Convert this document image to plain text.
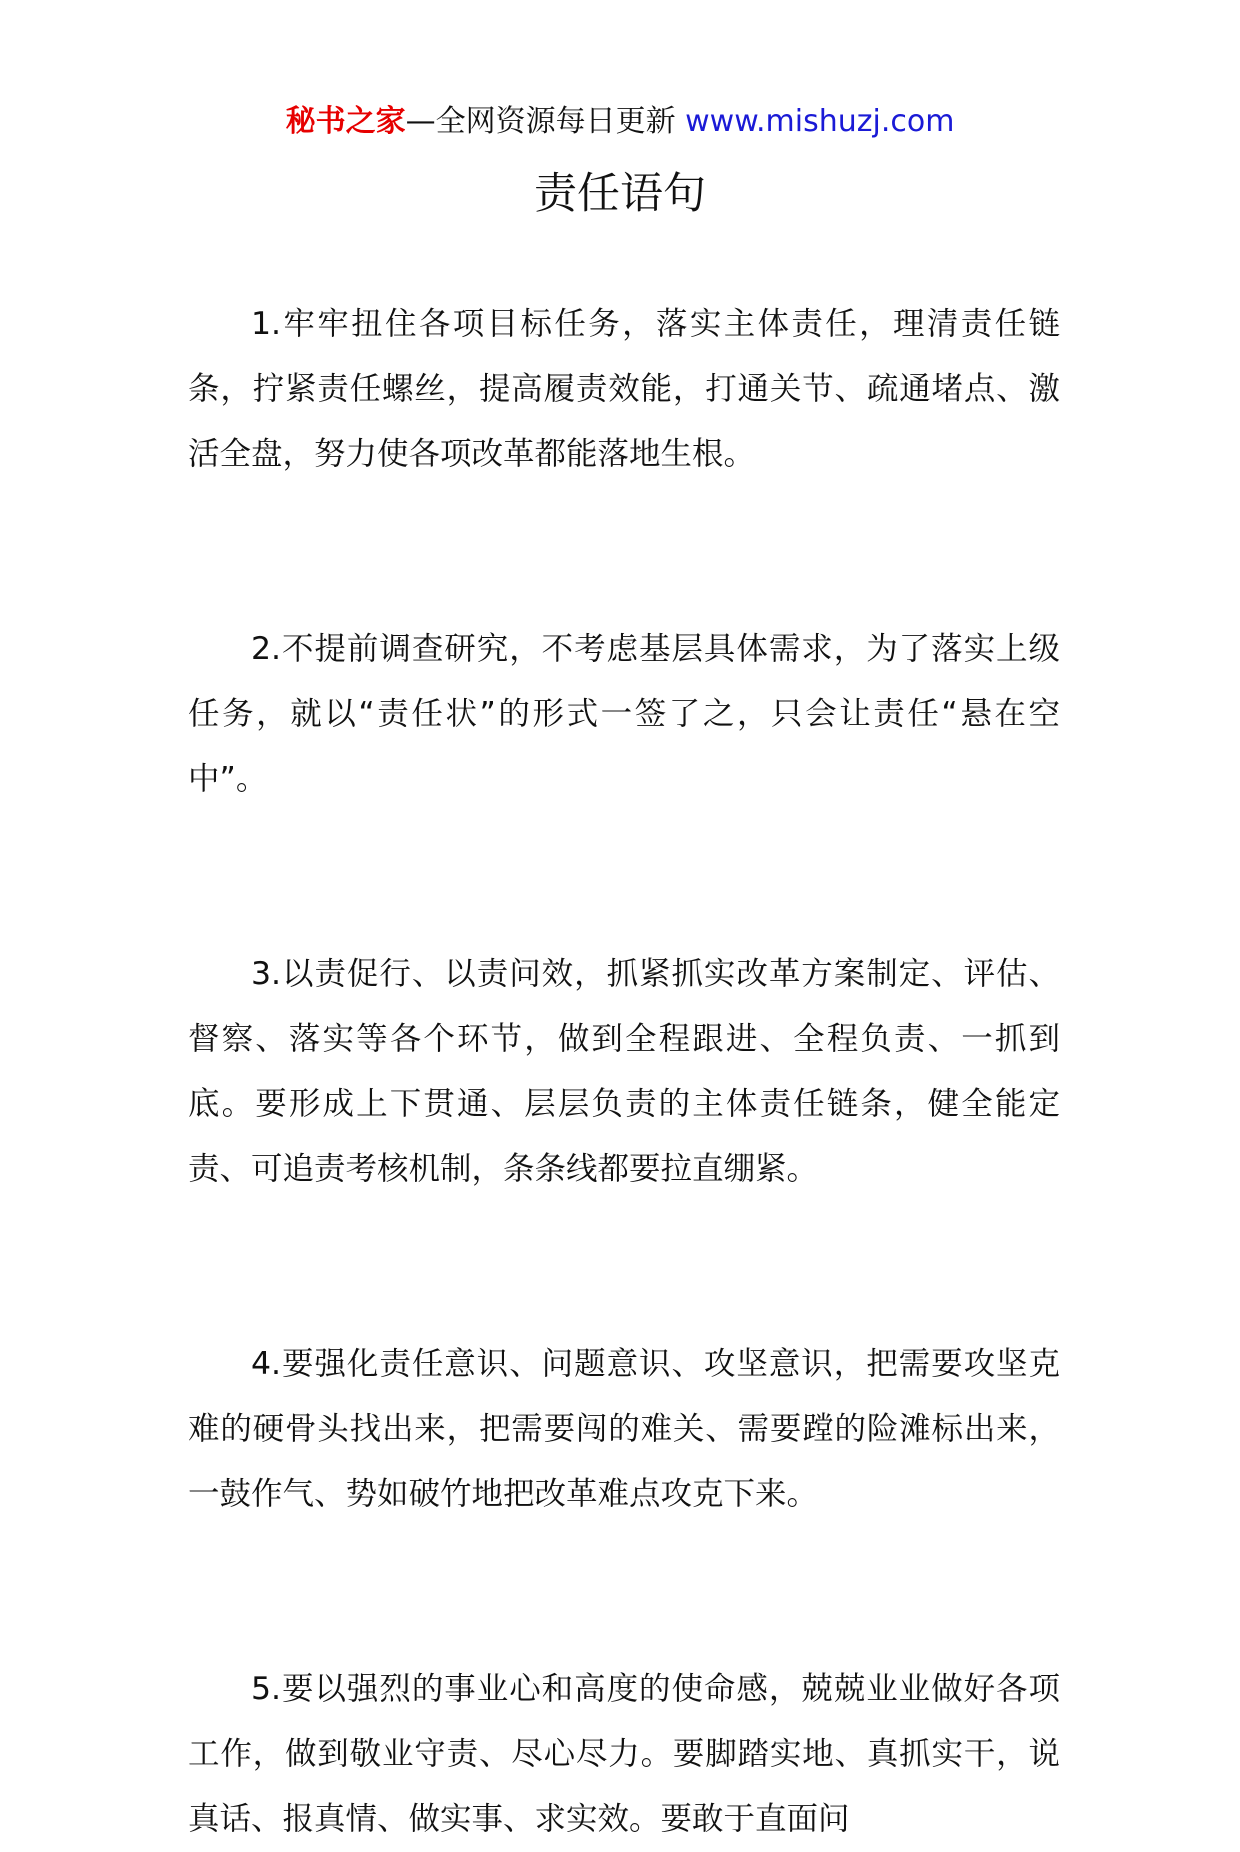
秘书之家—全网资源每日更新 www.mishuzj.com
责任语句

1.牢牢扭住各项目标任务，落实主体责任，理清责任链条，拧紧责任螺丝，提高履责效能，打通关节、疏通堵点、激活全盘，努力使各项改革都能落地生根。

2.不提前调查研究，不考虑基层具体需求，为了落实上级任务，就以“责任状”的形式一签了之，只会让责任“悬在空中”。

3.以责促行、以责问效，抓紧抓实改革方案制定、评估、督察、落实等各个环节，做到全程跟进、全程负责、一抓到底。要形成上下贯通、层层负责的主体责任链条，健全能定责、可追责考核机制，条条线都要拉直绷紧。

4.要强化责任意识、问题意识、攻坚意识，把需要攻坚克难的硬骨头找出来，把需要闯的难关、需要蹚的险滩标出来，一鼓作气、势如破竹地把改革难点攻克下来。

5.要以强烈的事业心和高度的使命感，兢兢业业做好各项工作，做到敬业守责、尽心尽力。要脚踏实地、真抓实干，说真话、报真情、做实事、求实效。要敢于直面问
